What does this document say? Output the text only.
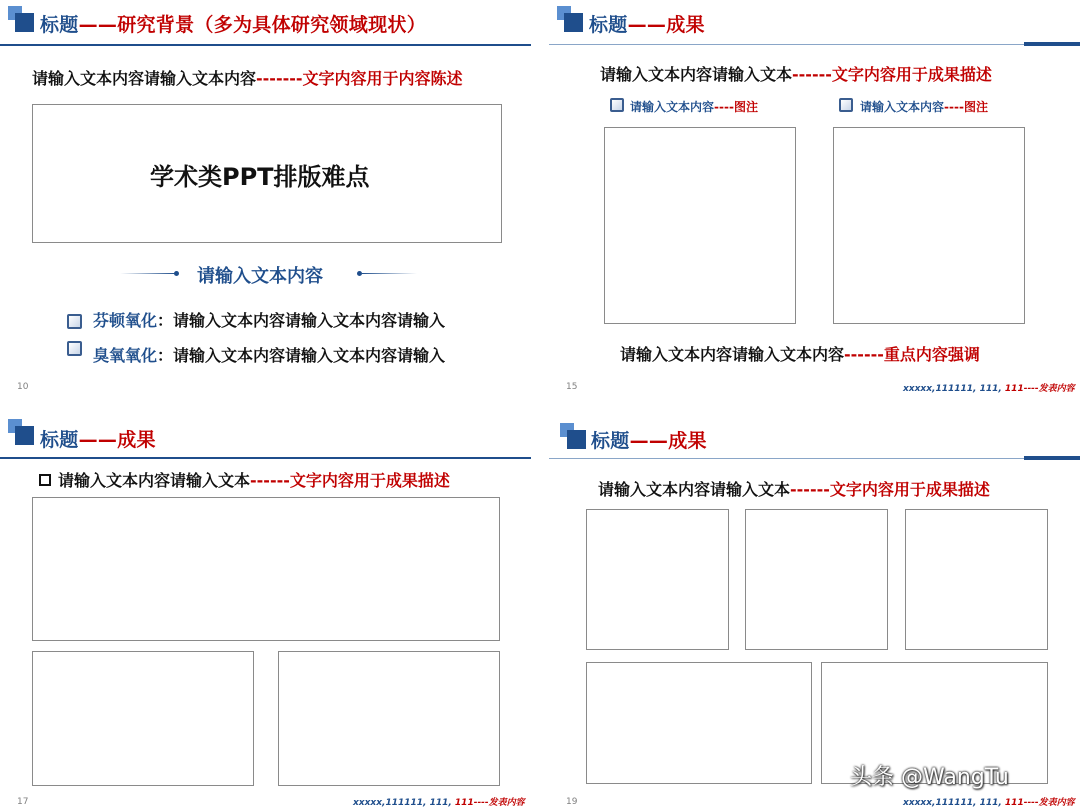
标题——研究背景（多为具体研究领域现状）
请输入文本内容请输入文本内容-------文字内容用于内容陈述
学术类PPT排版难点
请输入文本内容
芬顿氧化：请输入文本内容请输入文本内容请输入
臭氧氧化：请输入文本内容请输入文本内容请输入
10
标题——成果
请输入文本内容请输入文本------文字内容用于成果描述
请输入文本内容----图注	请输入文本内容----图注
请输入文本内容请输入文本内容------重点内容强调
15	xxxxx,111111, 111, 111----发表内容
标题——成果
请输入文本内容请输入文本------文字内容用于成果描述
17	xxxxx,111111, 111, 111----发表内容
标题——成果
请输入文本内容请输入文本------文字内容用于成果描述
19	xxxxx,111111, 111, 111----发表内容
头条 @WangTu
